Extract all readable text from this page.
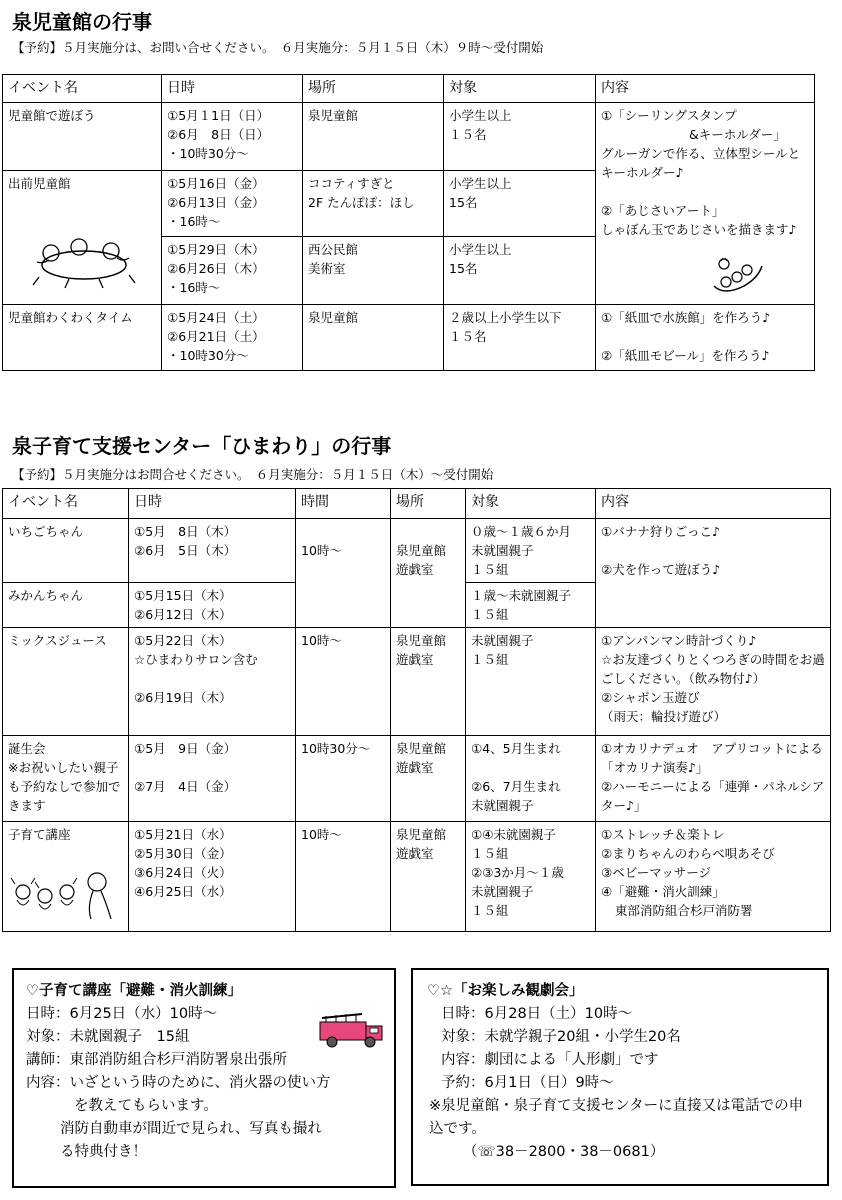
泉児童館の行事
【予約】５月実施分は、お問い合せください。　６月実施分：５月１５日（木）９時〜受付開始
イベント名	日時	場所	対象	内容

児童館で遊ぼう	①5月１1日（日）
②6月　8日（日）
・10時30分〜	泉児童館	小学生以上
１５名	①「シーリングスタンプ
&キーホルダー」
グルーガンで作る、立体型シールとキーホルダー♪
②「あじさいアート」
しゃぼん玉であじさいを描きます♪

出前児童館	①5月16日（金）
②6月13日（金）
・16時〜	ココティすぎと
2F たんぽぽ：ほし	小学生以上
15名	

	①5月29日（木）
②6月26日（木）
・16時〜	西公民館
美術室	小学生以上
15名	

児童館わくわくタイム	①5月24日（土）
②6月21日（土）
・10時30分〜	泉児童館	２歳以上小学生以下
１５名	①「紙皿で水族館」を作ろう♪
②「紙皿モビール」を作ろう♪
泉子育て支援センター「ひまわり」の行事
【予約】５月実施分はお問合せください。　６月実施分：５月１５日（木）〜受付開始
イベント名	日時	時間	場所	対象	内容

いちごちゃん	①5月　8日（木）
②6月　5日（木）	10時〜	泉児童館
遊戯室	０歳〜１歳６か月
未就園親子
１５組	①バナナ狩りごっこ♪
②犬を作って遊ぼう♪

みかんちゃん	①5月15日（木）
②6月12日（木）			１歳〜未就園親子
１５組	

ミックスジュース	①5月22日（木）
☆ひまわりサロン含む
②6月19日（木）	10時〜	泉児童館
遊戯室	未就園親子
１５組	①アンパンマン時計づくり♪
☆お友達づくりとくつろぎの時間をお過ごしください。（飲み物付♪）
②シャボン玉遊び
（雨天：輪投げ遊び）

誕生会
※お祝いしたい親子も予約なしで参加できます	①5月　9日（金）
②7月　4日（金）	10時30分〜	泉児童館
遊戯室	①4、5月生まれ
②6、7月生まれ
未就園親子	①オカリナデュオ　アプリコットによる「オカリナ演奏♪」
②ハーモニーによる「連弾・パネルシアター♪」

子育て講座	①5月21日（水）
②5月30日（金）
③6月24日（火）
④6月25日（水）	10時〜	泉児童館
遊戯室	①④未就園親子
１５組
②③3か月〜１歳
未就園親子
１５組	①ストレッチ＆楽トレ
②まりちゃんのわらべ唄あそび
③ベビーマッサージ
④「避難・消火訓練」
東部消防組合杉戸消防署
♡子育て講座「避難・消火訓練」
日時：6月25日（水）10時〜
対象：未就園親子　15組
講師：東部消防組合杉戸消防署泉出張所
内容：いざという時のために、消火器の使い方
を教えてもらいます。
消防自動車が間近で見られ、写真も撮れ
る特典付き！
♡☆「お楽しみ観劇会」
日時：6月28日（土）10時〜
対象：未就学親子20組・小学生20名
内容：劇団による「人形劇」です
予約：6月1日（日）9時〜
※泉児童館・泉子育て支援センターに直接又は電話での申込です。
（☏38－2800・38－0681）
